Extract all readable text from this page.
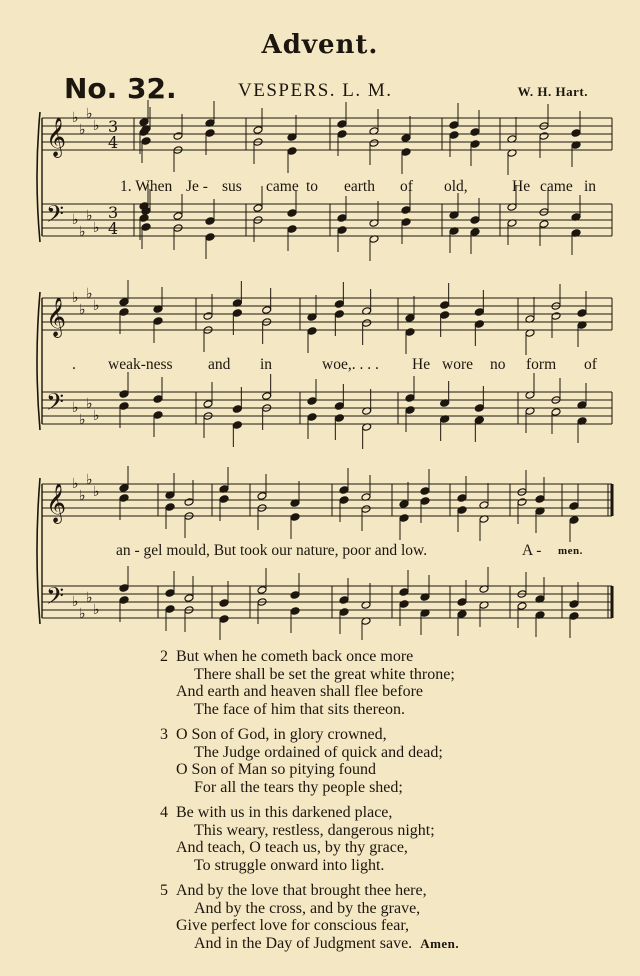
Advent.
No. 32.	VESPERS. L. M.	W. H. Hart.
𝄞
𝄢
♭
♭
♭
♭
♭
♭
♭
♭
3
4
3
4
𝄞
𝄢
♭
♭
♭
♭
♭
♭
♭
♭
𝄞
𝄢
♭
♭
♭
♭
♭
♭
♭
♭
1. When Je - sus came to earth of old,	He came in
. weak-ness and in	woe,. . . . He wore no form of
an - gel mould, But took our nature, poor and low.	A - men.
2 But when he cometh back once more
There shall be set the great white throne;
And earth and heaven shall flee before
The face of him that sits thereon.
3 O Son of God, in glory crowned,
The Judge ordained of quick and dead;
O Son of Man so pitying found
For all the tears thy people shed;
4 Be with us in this darkened place,
This weary, restless, dangerous night;
And teach, O teach us, by thy grace,
To struggle onward into light.
5 And by the love that brought thee here,
And by the cross, and by the grave,
Give perfect love for conscious fear,
And in the Day of Judgment save. Amen.
